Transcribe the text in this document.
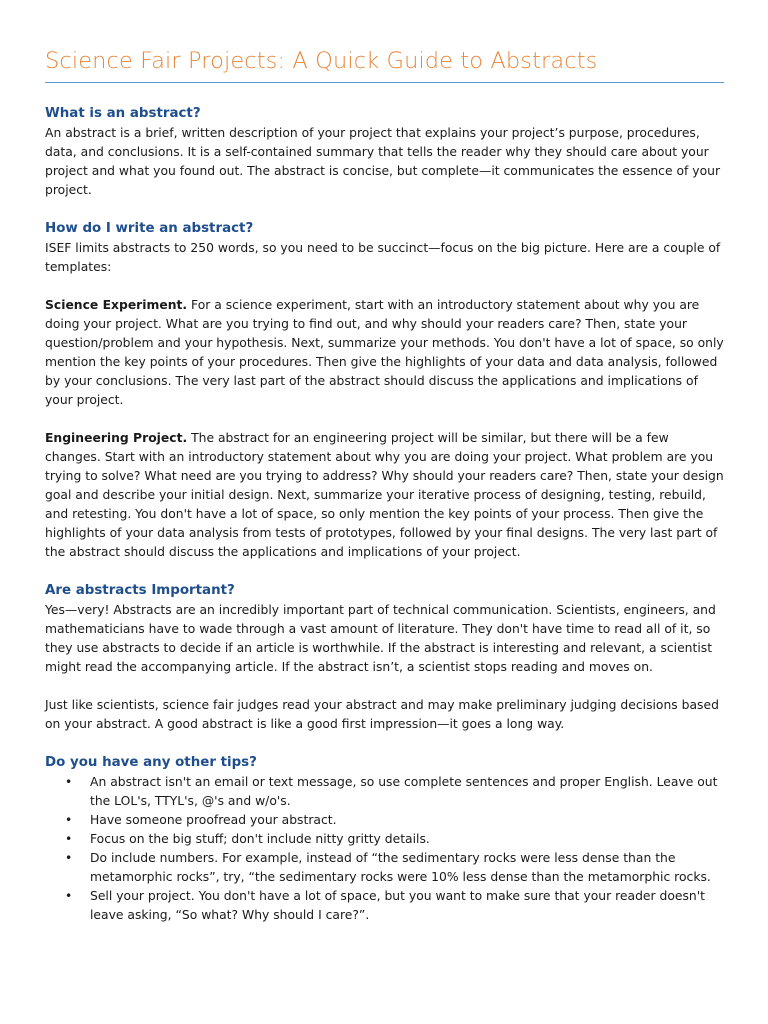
Science Fair Projects: A Quick Guide to Abstracts
What is an abstract?

An abstract is a brief, written description of your project that explains your project’s purpose, procedures, data, and conclusions. It is a self-contained summary that tells the reader why they should care about your project and what you found out. The abstract is concise, but complete—it communicates the essence of your project.

How do I write an abstract?

ISEF limits abstracts to 250 words, so you need to be succinct—focus on the big picture. Here are a couple of templates:

Science Experiment. For a science experiment, start with an introductory statement about why you are doing your project. What are you trying to find out, and why should your readers care? Then, state your question/problem and your hypothesis. Next, summarize your methods. You don't have a lot of space, so only mention the key points of your procedures. Then give the highlights of your data and data analysis, followed by your conclusions. The very last part of the abstract should discuss the applications and implications of your project.

Engineering Project. The abstract for an engineering project will be similar, but there will be a few changes. Start with an introductory statement about why you are doing your project. What problem are you trying to solve? What need are you trying to address? Why should your readers care? Then, state your design goal and describe your initial design. Next, summarize your iterative process of designing, testing, rebuild, and retesting. You don't have a lot of space, so only mention the key points of your process. Then give the highlights of your data analysis from tests of prototypes, followed by your final designs. The very last part of the abstract should discuss the applications and implications of your project.

Are abstracts Important?

Yes—very! Abstracts are an incredibly important part of technical communication. Scientists, engineers, and mathematicians have to wade through a vast amount of literature. They don't have time to read all of it, so they use abstracts to decide if an article is worthwhile. If the abstract is interesting and relevant, a scientist might read the accompanying article. If the abstract isn’t, a scientist stops reading and moves on.

Just like scientists, science fair judges read your abstract and may make preliminary judging decisions based on your abstract. A good abstract is like a good first impression—it goes a long way.

Do you have any other tips?
• An abstract isn't an email or text message, so use complete sentences and proper English. Leave out the LOL's, TTYL's, @'s and w/o's.
• Have someone proofread your abstract.
• Focus on the big stuff; don't include nitty gritty details.
• Do include numbers. For example, instead of “the sedimentary rocks were less dense than the metamorphic rocks”, try, “the sedimentary rocks were 10% less dense than the metamorphic rocks.
• Sell your project. You don't have a lot of space, but you want to make sure that your reader doesn't leave asking, “So what? Why should I care?”.
